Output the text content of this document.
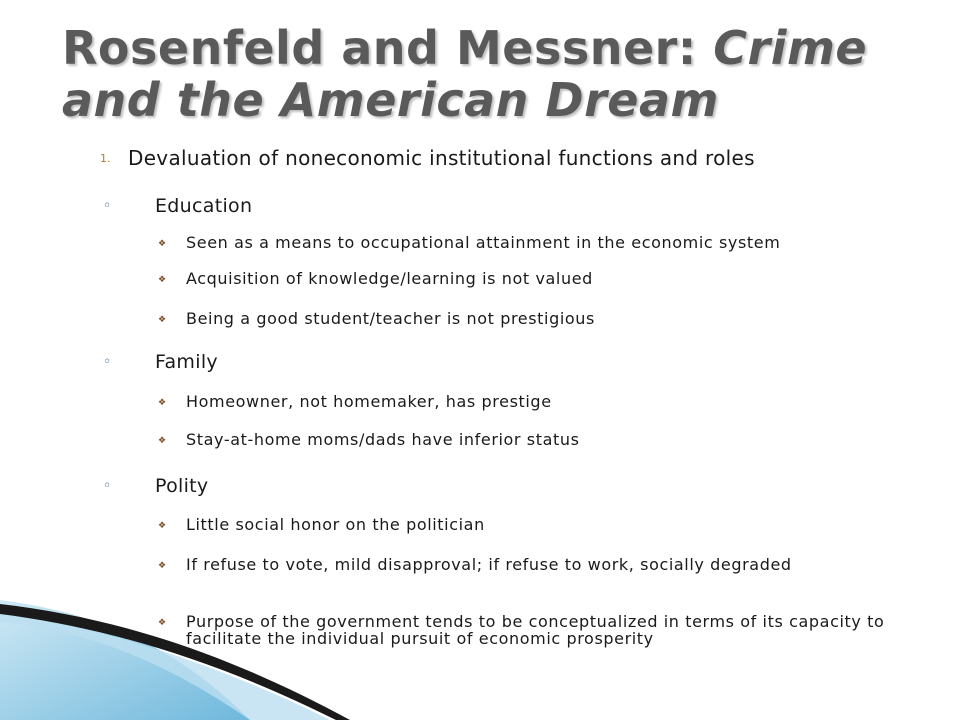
Rosenfeld and Messner: Crime and the American Dream
1. Devaluation of noneconomic institutional functions and roles
◦	Education
❖	Seen as a means to occupational attainment in the economic system
❖	Acquisition of knowledge/learning is not valued
❖	Being a good student/teacher is not prestigious
◦	Family
❖	Homeowner, not homemaker, has prestige
❖	Stay-at-home moms/dads have inferior status
◦	Polity
❖	Little social honor on the politician
❖	If refuse to vote, mild disapproval; if refuse to work, socially degraded
❖	Purpose of the government tends to be conceptualized in terms of its capacity to facilitate the individual pursuit of economic prosperity
